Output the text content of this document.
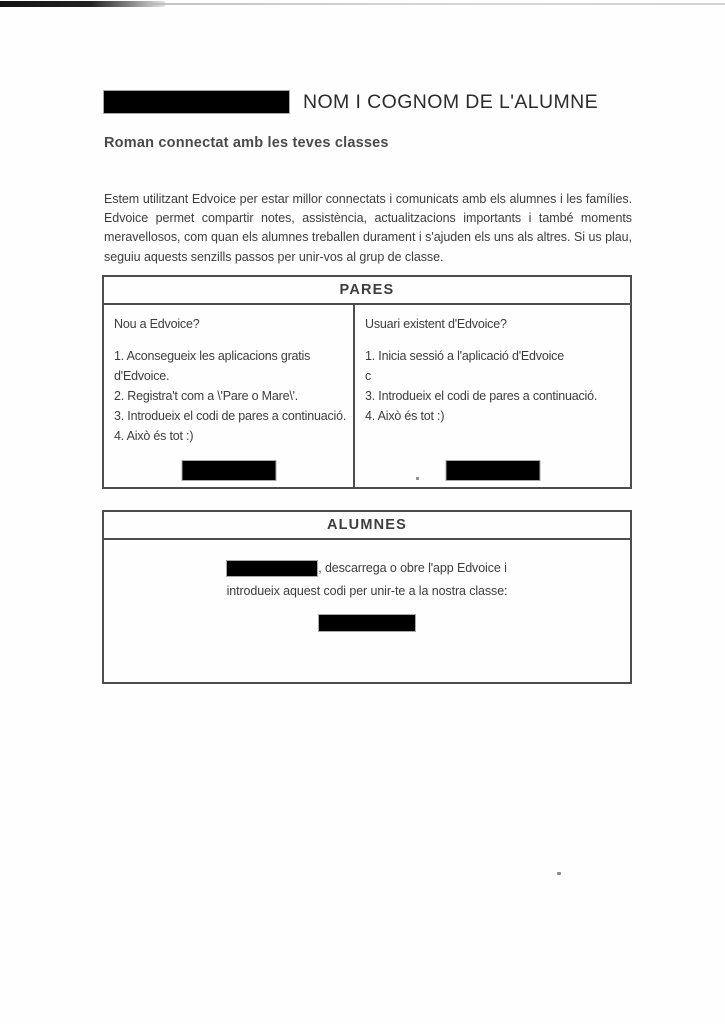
NOM I COGNOM DE L'ALUMNE
Roman connectat amb les teves classes

Estem utilitzant Edvoice per estar millor connectats i comunicats amb els alumnes i les famílies. Edvoice permet compartir notes, assistència, actualitzacions importants i també moments meravellosos, com quan els alumnes treballen durament i s'ajuden els uns als altres. Si us plau, seguiu aquests senzills passos per unir-vos al grup de classe.

PARES
Nou a Edvoice?
1. Aconsegueix les aplicacions gratis d'Edvoice.
2. Registra't com a \'Pare o Mare\'.
3. Introdueix el codi de pares a continuació.
4. Això és tot :)
Usuari existent d'Edvoice?
1. Inicia sessió a l'aplicació d'Edvoice
c
3. Introdueix el codi de pares a continuació.
4. Això és tot :)
ALUMNES
, descarrega o obre l'app Edvoice i
introdueix aquest codi per unir-te a la nostra classe:
